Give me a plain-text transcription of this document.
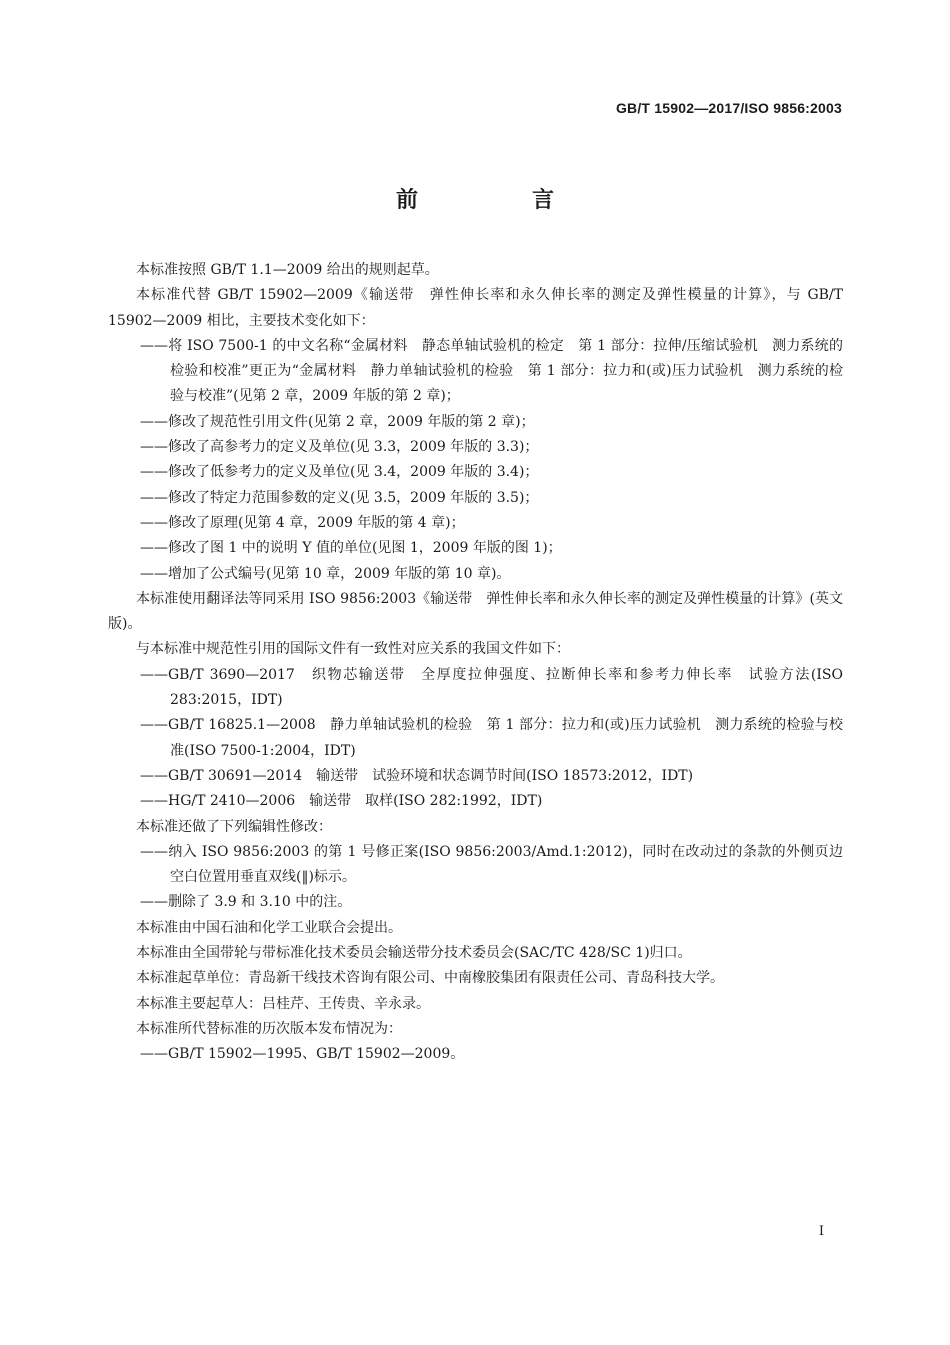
GB/T 15902—2017/ISO 9856:2003
前　言

本标准按照 GB/T 1.1—2009 给出的规则起草。

本标准代替 GB/T 15902—2009《输送带　弹性伸长率和永久伸长率的测定及弹性模量的计算》，与 GB/T 15902—2009 相比，主要技术变化如下：

——将 ISO 7500-1 的中文名称“金属材料　静态单轴试验机的检定　第 1 部分：拉伸/压缩试验机　测力系统的检验和校准”更正为“金属材料　静力单轴试验机的检验　第 1 部分：拉力和(或)压力试验机　测力系统的检验与校准”(见第 2 章，2009 年版的第 2 章)；

——修改了规范性引用文件(见第 2 章，2009 年版的第 2 章)；

——修改了高参考力的定义及单位(见 3.3，2009 年版的 3.3)；

——修改了低参考力的定义及单位(见 3.4，2009 年版的 3.4)；

——修改了特定力范围参数的定义(见 3.5，2009 年版的 3.5)；

——修改了原理(见第 4 章，2009 年版的第 4 章)；

——修改了图 1 中的说明 Y 值的单位(见图 1，2009 年版的图 1)；

——增加了公式编号(见第 10 章，2009 年版的第 10 章)。

本标准使用翻译法等同采用 ISO 9856:2003《输送带　弹性伸长率和永久伸长率的测定及弹性模量的计算》(英文版)。

与本标准中规范性引用的国际文件有一致性对应关系的我国文件如下：

——GB/T 3690—2017　织物芯输送带　全厚度拉伸强度、拉断伸长率和参考力伸长率　试验方法(ISO 283:2015，IDT)

——GB/T 16825.1—2008　静力单轴试验机的检验　第 1 部分：拉力和(或)压力试验机　测力系统的检验与校准(ISO 7500-1:2004，IDT)

——GB/T 30691—2014　输送带　试验环境和状态调节时间(ISO 18573:2012，IDT)

——HG/T 2410—2006　输送带　取样(ISO 282:1992，IDT)

本标准还做了下列编辑性修改：

——纳入 ISO 9856:2003 的第 1 号修正案(ISO 9856:2003/Amd.1:2012)，同时在改动过的条款的外侧页边空白位置用垂直双线(‖)标示。

——删除了 3.9 和 3.10 中的注。

本标准由中国石油和化学工业联合会提出。

本标准由全国带轮与带标准化技术委员会输送带分技术委员会(SAC/TC 428/SC 1)归口。

本标准起草单位：青岛新干线技术咨询有限公司、中南橡胶集团有限责任公司、青岛科技大学。

本标准主要起草人：吕桂芹、王传贵、辛永录。

本标准所代替标准的历次版本发布情况为：

——GB/T 15902—1995、GB/T 15902—2009。

Ⅰ
